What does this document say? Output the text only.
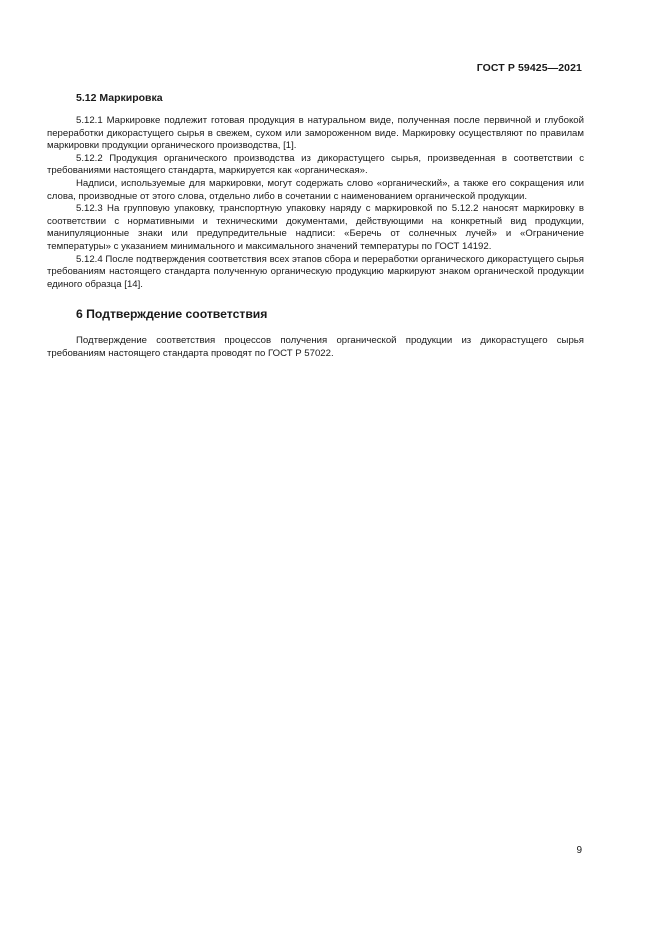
ГОСТ Р 59425—2021
5.12 Маркировка

5.12.1 Маркировке подлежит готовая продукция в натуральном виде, полученная после первичной и глубокой переработки дикорастущего сырья в свежем, сухом или замороженном виде. Маркировку осуществляют по правилам маркировки продукции органического производства, [1].

5.12.2 Продукция органического производства из дикорастущего сырья, произведенная в соответствии с требованиями настоящего стандарта, маркируется как «органическая».

Надписи, используемые для маркировки, могут содержать слово «органический», а также его сокращения или слова, производные от этого слова, отдельно либо в сочетании с наименованием органической продукции.

5.12.3 На групповую упаковку, транспортную упаковку наряду с маркировкой по 5.12.2 наносят маркировку в соответствии с нормативными и техническими документами, действующими на конкретный вид продукции, манипуляционные знаки или предупредительные надписи: «Беречь от солнечных лучей» и «Ограничение температуры» с указанием минимального и максимального значений температуры по ГОСТ 14192.

5.12.4 После подтверждения соответствия всех этапов сбора и переработки органического дикорастущего сырья требованиям настоящего стандарта полученную органическую продукцию маркируют знаком органической продукции единого образца [14].

6 Подтверждение соответствия

Подтверждение соответствия процессов получения органической продукции из дикорастущего сырья требованиям настоящего стандарта проводят по ГОСТ Р 57022.

9
